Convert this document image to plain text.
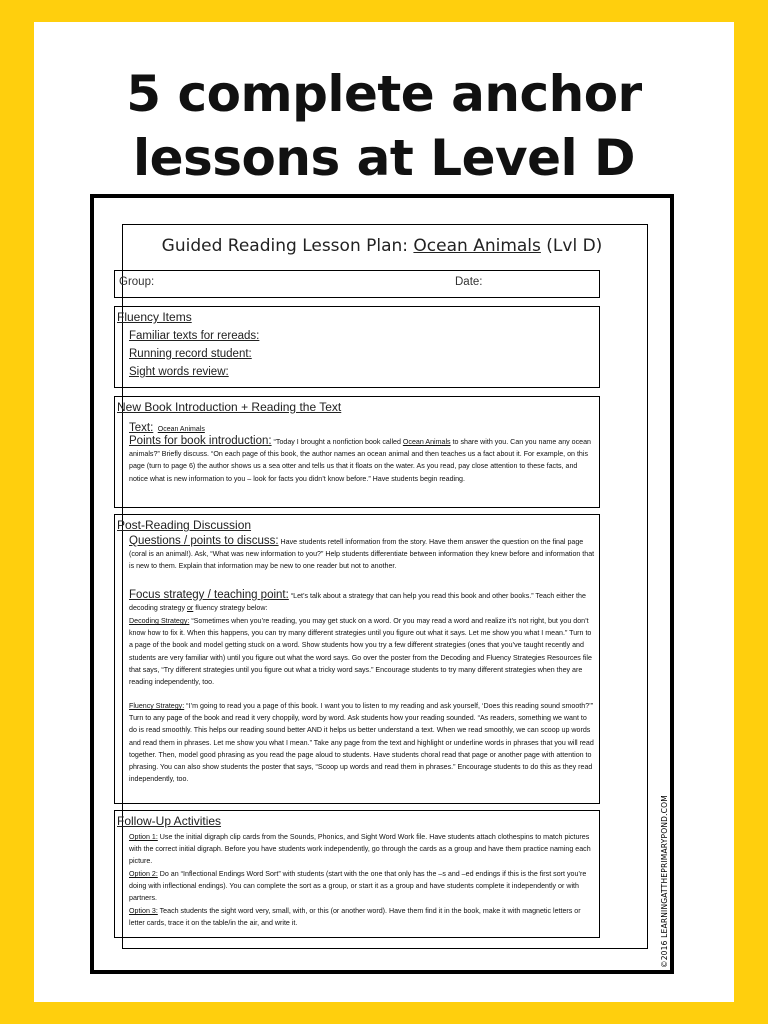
5 complete anchor
lessons at Level D
Guided Reading Lesson Plan: Ocean Animals (Lvl D)
Group:	Date:
Fluency Items
Familiar texts for rereads:
Running record student:
Sight words review:
New Book Introduction + Reading the Text
Text: Ocean Animals
Points for book introduction: “Today I brought a nonfiction book called Ocean Animals to share with you. Can you name any ocean animals?” Briefly discuss. “On each page of this book, the author names an ocean animal and then teaches us a fact about it. For example, on this page (turn to page 6) the author shows us a sea otter and tells us that it floats on the water. As you read, pay close attention to these facts, and notice what is new information to you – look for facts you didn’t know before.” Have students begin reading.
Post-Reading Discussion
Questions / points to discuss: Have students retell information from the story. Have them answer the question on the final page (coral is an animal!). Ask, “What was new information to you?” Help students differentiate between information they knew before and information that is new to them. Explain that information may be new to one reader but not to another.
Focus strategy / teaching point: “Let’s talk about a strategy that can help you read this book and other books.” Teach either the decoding strategy or fluency strategy below:
Decoding Strategy: “Sometimes when you’re reading, you may get stuck on a word. Or you may read a word and realize it’s not right, but you don’t know how to fix it. When this happens, you can try many different strategies until you figure out what it says. Let me show you what I mean.” Turn to a page of the book and model getting stuck on a word. Show students how you try a few different strategies (ones that you’ve taught recently and students are very familiar with) until you figure out what the word says. Go over the poster from the Decoding and Fluency Strategies Resources file that says, “Try different strategies until you figure out what a tricky word says.” Encourage students to try many different strategies when they are reading independently, too.
Fluency Strategy: “I’m going to read you a page of this book. I want you to listen to my reading and ask yourself, ‘Does this reading sound smooth?’” Turn to any page of the book and read it very choppily, word by word. Ask students how your reading sounded. “As readers, something we want to do is read smoothly. This helps our reading sound better AND it helps us better understand a text. When we read smoothly, we can scoop up words and read them in phrases. Let me show you what I mean.” Take any page from the text and highlight or underline words in phrases that you will read together. Then, model good phrasing as you read the page aloud to students. Have students choral read that page or another page with attention to phrasing. You can also show students the poster that says, “Scoop up words and read them in phrases.” Encourage students to do this as they read independently, too.
Follow-Up Activities
Option 1: Use the initial digraph clip cards from the Sounds, Phonics, and Sight Word Work file. Have students attach clothespins to match pictures with the correct initial digraph. Before you have students work independently, go through the cards as a group and have them practice naming each picture.
Option 2: Do an “Inflectional Endings Word Sort” with students (start with the one that only has the –s and –ed endings if this is the first sort you’re doing with inflectional endings). You can complete the sort as a group, or start it as a group and have students complete it independently or with partners.
Option 3: Teach students the sight word very, small, with, or this (or another word). Have them find it in the book, make it with magnetic letters or letter cards, trace it on the table/in the air, and write it.	©2016 LEARNINGATTHEPRIMARYPOND.COM
